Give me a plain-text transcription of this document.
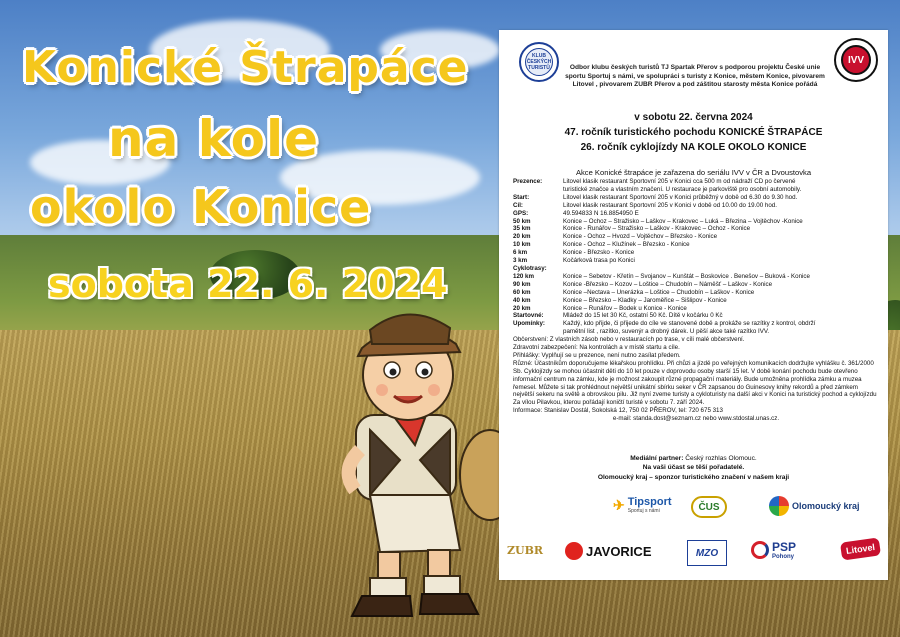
Konické Štrapáce
na kole
okolo Konice
sobota 22. 6. 2024
KLUB ČESKÝCH TURISTŮ
IVV
Odbor klubu českých turistů TJ Spartak Přerov s podporou projektu České unie sportu Sportuj s námi, ve spolupráci s turisty z Konice, městem Konice, pivovarem Litovel , pivovarem ZUBR Přerov a pod záštitou starosty města Konice pořádá
v sobotu 22. června 2024
47. ročník turistického pochodu KONICKÉ ŠTRAPÁCE
26. ročník cyklojízdy NA KOLE OKOLO KONICE
Akce Konické štrapáce je zařazena do seriálu IVV v ČR a Dvoustovka
Prezence:	Litovel klasik restaurant Sportovní 205 v Konici cca 500 m od nádraží ČD po červené
turistické značce a vlastním značení. U restaurace je parkoviště pro osobní automobily.
Start:	Litovel klasik restaurant Sportovní 205 v Konici průběžný v době od 6.30 do 9.30 hod.
Cíl:	Litovel klasik restaurant Sportovní 205 v Konici v době od 10.00 do 19.00 hod.
GPS:	49.594833 N 16.8854950 E
50 km	Konice – Ochoz – Stražisko – Laškov – Krakovec – Luká – Březina – Vojtěchov -Konice
35 km	Konice - Runářov – Stražisko – Laškov - Krakovec – Ochoz - Konice
20 km	Konice - Ochoz – Hvozd – Vojtěchov – Březsko - Konice
10 km	Konice - Ochoz – Klužínek – Březsko - Konice
6 km	Konice - Březsko - Konice
3 km	Kočárková trasa po Konici
Cyklotrasy:
120 km	Konice – Šebetov - Křetín – Svojanov – Kunštát – Boskovice . Benešov – Buková - Konice
90 km	Konice -Březsko – Kozov – Loštice – Chudobín – Náměšť – Laškov - Konice
60 km	Konice –Nectava – Unerázka – Loštice – Chudobín – Laškov - Konice
40 km	Konice – Březsko – Kladky – Jaroměřice – Šišlipov - Konice
20 km	Konice – Runářov – Bodek u Konice - Konice
Startovné:	Mládež do 15 let 30 Kč, ostatní 50 Kč. Dítě v kočárku 0 Kč
Upomínky:	Každý, kdo přijde, či přijede do cíle ve stanovené době a prokáže se razítky z kontrol, obdrží
pamětní list , razítko, suvenýr a drobný dárek. U pěší akce také razítko IVV.
Občerstvení: Z vlastních zásob nebo v restauracích po trase, v cíli malé občerstvení.
Zdravotní zabezpečení: Na kontrolách a v místě startu a cíle.
Přihlášky: Vyplňují se u prezence, není nutno zasílat předem.
Různé: Účastníkům doporučujeme lékařskou prohlídku. Při chůzi a jízdě po veřejných komunikacích dodržujte vyhlášku č. 361/2000 Sb. Cyklojízdy se mohou účastnit děti do 10 let pouze v doprovodu osoby starší 15 let. V době konání pochodu bude otevřeno informační centrum na zámku, kde je možnost zakoupit různé propagační materiály. Bude umožněna prohlídka zámku a muzea řemesel. Můžete si tak prohlédnout největší unikátní sbírku seker v ČR zapsanou do Guinesovy knihy rekordů a před zámkem největší sekeru na světě a obrovskou pilu. Již nyní zveme turisty a cykloturisty na další akci v Konici na turistický pochod a cyklojízdu Za vílou Pilavkou, kterou pořádají koničtí turisté v sobotu 7. září 2024.
Informace: Stanislav Dostál, Sokolská 12, 750 02 PŘEROV, tel: 720 675 313
e-mail: standa.dost@seznam.cz nebo www.stdostal.unas.cz.
Mediální partner: Český rozhlas Olomouc.
Na vaši účast se těší pořadatelé.
Olomoucký kraj – sponzor turistického značení v našem kraji
✈ Tipsport
Sportuj s námi	ČUS	Olomoucký kraj
ZUBR	JAVORICE	MZO	PSP
Pohony
Litovel
